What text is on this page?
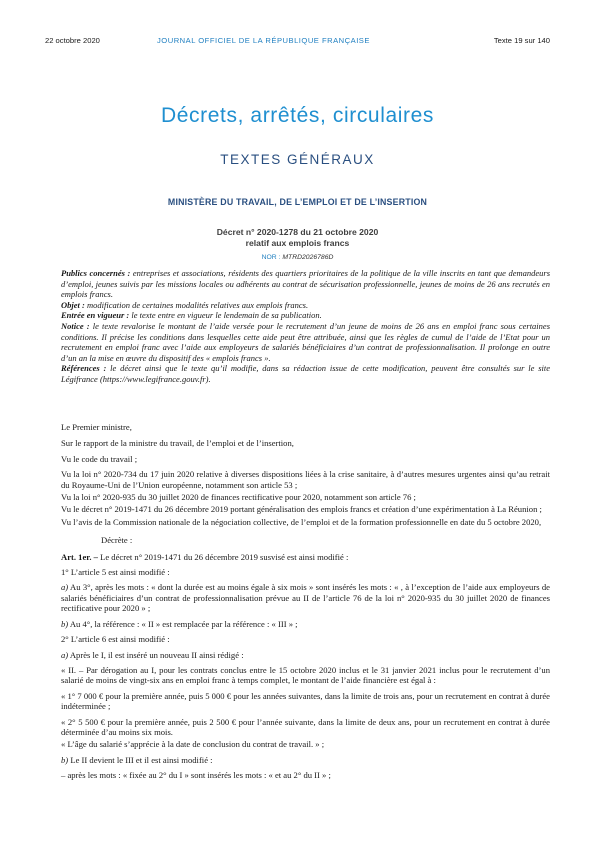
22 octobre 2020	JOURNAL OFFICIEL DE LA RÉPUBLIQUE FRANÇAISE	Texte 19 sur 140
Décrets, arrêtés, circulaires
TEXTES GÉNÉRAUX
MINISTÈRE DU TRAVAIL, DE L’EMPLOI ET DE L’INSERTION
Décret n° 2020-1278 du 21 octobre 2020
relatif aux emplois francs
NOR : MTRD2026786D

Publics concernés : entreprises et associations, résidents des quartiers prioritaires de la politique de la ville inscrits en tant que demandeurs d’emploi, jeunes suivis par les missions locales ou adhérents au contrat de sécurisation professionnelle, jeunes de moins de 26 ans recrutés en emplois francs.

Objet : modification de certaines modalités relatives aux emplois francs.

Entrée en vigueur : le texte entre en vigueur le lendemain de sa publication.

Notice : le texte revalorise le montant de l’aide versée pour le recrutement d’un jeune de moins de 26 ans en emploi franc sous certaines conditions. Il précise les conditions dans lesquelles cette aide peut être attribuée, ainsi que les règles de cumul de l’aide de l’Etat pour un recrutement en emploi franc avec l’aide aux employeurs de salariés bénéficiaires d’un contrat de professionnalisation. Il prolonge en outre d’un an la mise en œuvre du dispositif des « emplois francs ».

Références : le décret ainsi que le texte qu’il modifie, dans sa rédaction issue de cette modification, peuvent être consultés sur le site Légifrance (https://www.legifrance.gouv.fr).

Le Premier ministre,

Sur le rapport de la ministre du travail, de l’emploi et de l’insertion,

Vu le code du travail ;

Vu la loi n° 2020-734 du 17 juin 2020 relative à diverses dispositions liées à la crise sanitaire, à d’autres mesures urgentes ainsi qu’au retrait du Royaume-Uni de l’Union européenne, notamment son article 53 ;

Vu la loi n° 2020-935 du 30 juillet 2020 de finances rectificative pour 2020, notamment son article 76 ;

Vu le décret n° 2019-1471 du 26 décembre 2019 portant généralisation des emplois francs et création d’une expérimentation à La Réunion ;

Vu l’avis de la Commission nationale de la négociation collective, de l’emploi et de la formation professionnelle en date du 5 octobre 2020,

Décrète :

Art. 1er. – Le décret n° 2019-1471 du 26 décembre 2019 susvisé est ainsi modifié :

1° L’article 5 est ainsi modifié :

a) Au 3°, après les mots : « dont la durée est au moins égale à six mois » sont insérés les mots : « , à l’exception de l’aide aux employeurs de salariés bénéficiaires d’un contrat de professionnalisation prévue au II de l’article 76 de la loi n° 2020-935 du 30 juillet 2020 de finances rectificative pour 2020 » ;

b) Au 4°, la référence : « II » est remplacée par la référence : « III » ;

2° L’article 6 est ainsi modifié :

a) Après le I, il est inséré un nouveau II ainsi rédigé :

« II. – Par dérogation au I, pour les contrats conclus entre le 15 octobre 2020 inclus et le 31 janvier 2021 inclus pour le recrutement d’un salarié de moins de vingt-six ans en emploi franc à temps complet, le montant de l’aide financière est égal à :

« 1° 7 000 € pour la première année, puis 5 000 € pour les années suivantes, dans la limite de trois ans, pour un recrutement en contrat à durée indéterminée ;

« 2° 5 500 € pour la première année, puis 2 500 € pour l’année suivante, dans la limite de deux ans, pour un recrutement en contrat à durée déterminée d’au moins six mois.

« L’âge du salarié s’apprécie à la date de conclusion du contrat de travail. » ;

b) Le II devient le III et il est ainsi modifié :

– après les mots : « fixée au 2° du I » sont insérés les mots : « et au 2° du II » ;
